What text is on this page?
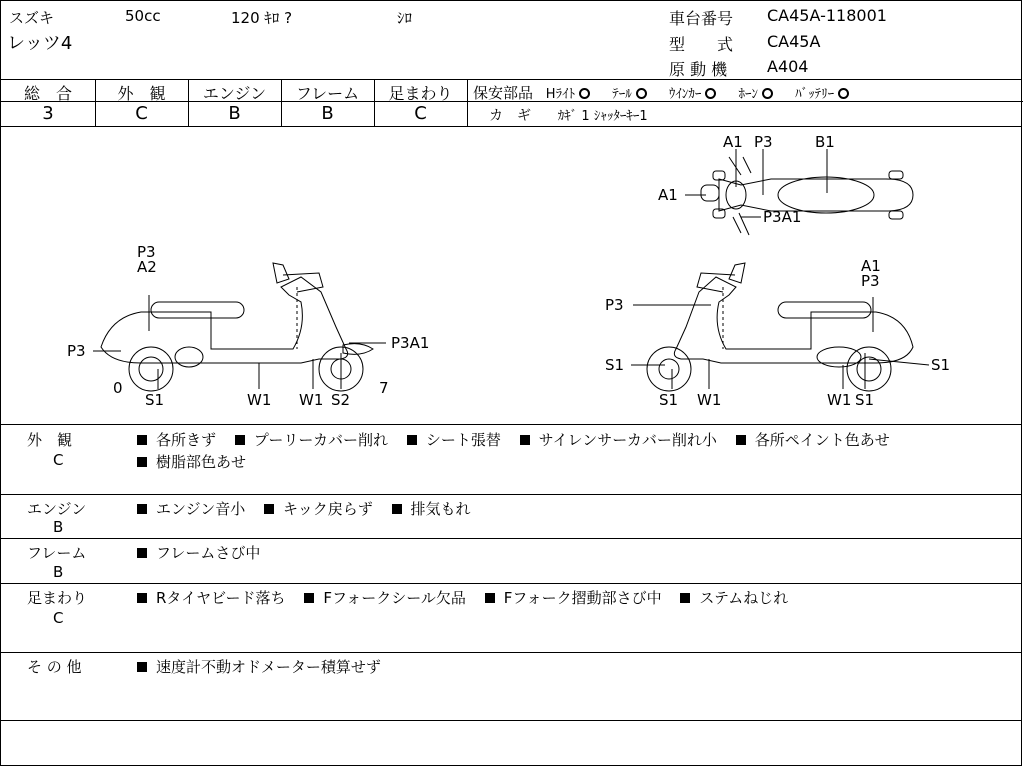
スズキ	50cc	120 ｷﾛ ?	ｼﾛ
レッツ4
車台番号 CA45A-118001
型　　式 CA45A
原 動 機 A404
総　合	外　観	エンジン	フレーム	足まわり
3	C	B	B	C
保安部品 Hﾗｲﾄ	ﾃｰﾙ	ｳｲﾝｶｰ	ﾎｰﾝ	ﾊﾞｯﾃﾘｰ
カ　ギ ｶｷﾞ 1 ｼｬｯﾀｰｷｰ1
A1 P3	B1
A1
P3A1
P3
A2
P3
0
S1	W1 W1 S2
7
P3A1
P3
A1
P3
S1
S1 W1	W1 S1
S1
外　観
C
各所きず	プーリーカバー削れ	シート張替	サイレンサーカバー削れ小	各所ペイント色あせ
樹脂部色あせ
エンジン
B
エンジン音小	キック戻らず	排気もれ
フレーム
B
フレームさび中
足まわり
C
Rタイヤビード落ち	Fフォークシール欠品	Fフォーク摺動部さび中	ステムねじれ
そ の 他	速度計不動オドメーター積算せず
